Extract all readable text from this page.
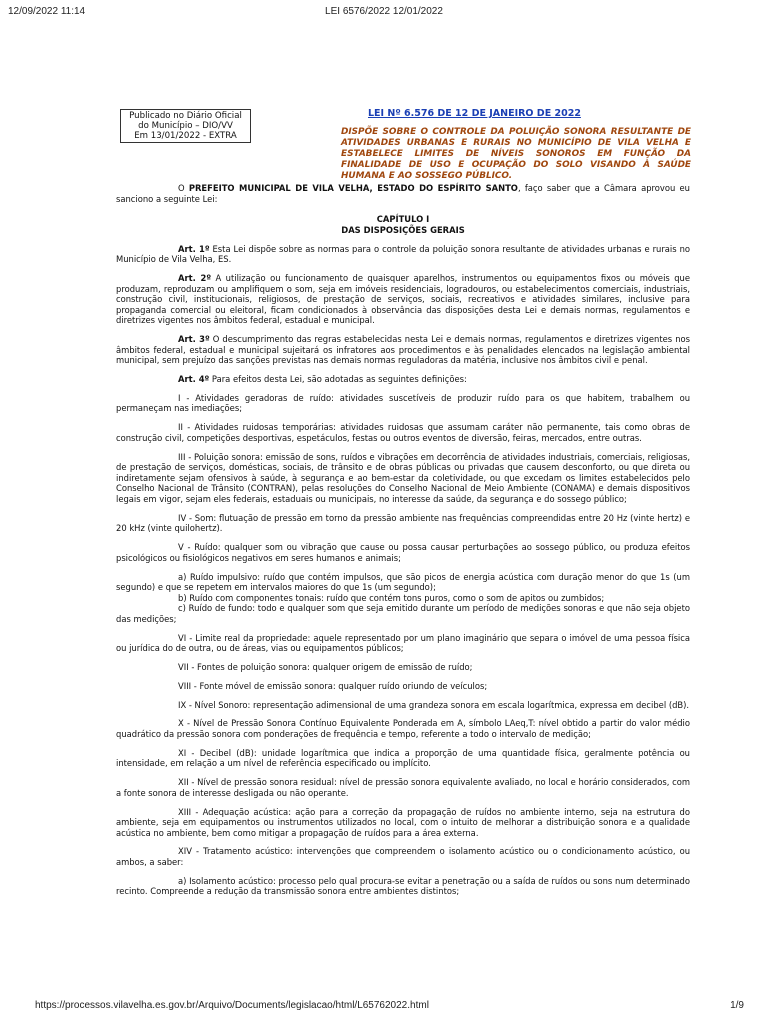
12/09/2022 11:14	LEI 6576/2022 12/01/2022
Publicado no Diário Oficial
do Município – DIO/VV
Em 13/01/2022 - EXTRA
LEI Nº 6.576 DE 12 DE JANEIRO DE 2022
DISPÕE SOBRE O CONTROLE DA POLUIÇÃO SONORA RESULTANTE DE ATIVIDADES URBANAS E RURAIS NO MUNICÍPIO DE VILA VELHA E ESTABELECE LIMITES DE NÍVEIS SONOROS EM FUNÇÃO DA FINALIDADE DE USO E OCUPAÇÃO DO SOLO VISANDO À SAÚDE HUMANA E AO SOSSEGO PÚBLICO.

O PREFEITO MUNICIPAL DE VILA VELHA, ESTADO DO ESPÍRITO SANTO, faço saber que a Câmara aprovou eu sanciono a seguinte Lei:

CAPÍTULO I

DAS DISPOSIÇÕES GERAIS

Art. 1º Esta Lei dispõe sobre as normas para o controle da poluição sonora resultante de atividades urbanas e rurais no Município de Vila Velha, ES.

Art. 2º A utilização ou funcionamento de quaisquer aparelhos, instrumentos ou equipamentos fixos ou móveis que produzam, reproduzam ou amplifiquem o som, seja em imóveis residenciais, logradouros, ou estabelecimentos comerciais, industriais, construção civil, institucionais, religiosos, de prestação de serviços, sociais, recreativos e atividades similares, inclusive para propaganda comercial ou eleitoral, ficam condicionados à observância das disposições desta Lei e demais normas, regulamentos e diretrizes vigentes nos âmbitos federal, estadual e municipal.

Art. 3º O descumprimento das regras estabelecidas nesta Lei e demais normas, regulamentos e diretrizes vigentes nos âmbitos federal, estadual e municipal sujeitará os infratores aos procedimentos e às penalidades elencados na legislação ambiental municipal, sem prejuízo das sanções previstas nas demais normas reguladoras da matéria, inclusive nos âmbitos civil e penal.

Art. 4º Para efeitos desta Lei, são adotadas as seguintes definições:

I - Atividades geradoras de ruído: atividades suscetíveis de produzir ruído para os que habitem, trabalhem ou permaneçam nas imediações;

II - Atividades ruidosas temporárias: atividades ruidosas que assumam caráter não permanente, tais como obras de construção civil, competições desportivas, espetáculos, festas ou outros eventos de diversão, feiras, mercados, entre outras.

III - Poluição sonora: emissão de sons, ruídos e vibrações em decorrência de atividades industriais, comerciais, religiosas, de prestação de serviços, domésticas, sociais, de trânsito e de obras públicas ou privadas que causem desconforto, ou que direta ou indiretamente sejam ofensivos à saúde, à segurança e ao bem-estar da coletividade, ou que excedam os limites estabelecidos pelo Conselho Nacional de Trânsito (CONTRAN), pelas resoluções do Conselho Nacional de Meio Ambiente (CONAMA) e demais dispositivos legais em vigor, sejam eles federais, estaduais ou municipais, no interesse da saúde, da segurança e do sossego público;

IV - Som: flutuação de pressão em torno da pressão ambiente nas frequências compreendidas entre 20 Hz (vinte hertz) e 20 kHz (vinte quilohertz).

V - Ruído: qualquer som ou vibração que cause ou possa causar perturbações ao sossego público, ou produza efeitos psicológicos ou fisiológicos negativos em seres humanos e animais;

a) Ruído impulsivo: ruído que contém impulsos, que são picos de energia acústica com duração menor do que 1s (um segundo) e que se repetem em intervalos maiores do que 1s (um segundo);

b) Ruído com componentes tonais: ruído que contém tons puros, como o som de apitos ou zumbidos;

c) Ruído de fundo: todo e qualquer som que seja emitido durante um período de medições sonoras e que não seja objeto das medições;

VI - Limite real da propriedade: aquele representado por um plano imaginário que separa o imóvel de uma pessoa física ou jurídica do de outra, ou de áreas, vias ou equipamentos públicos;

VII - Fontes de poluição sonora: qualquer origem de emissão de ruído;

VIII - Fonte móvel de emissão sonora: qualquer ruído oriundo de veículos;

IX - Nível Sonoro: representação adimensional de uma grandeza sonora em escala logarítmica, expressa em decibel (dB).

X - Nível de Pressão Sonora Contínuo Equivalente Ponderada em A, símbolo LAeq,T: nível obtido a partir do valor médio quadrático da pressão sonora com ponderações de frequência e tempo, referente a todo o intervalo de medição;

XI - Decibel (dB): unidade logarítmica que indica a proporção de uma quantidade física, geralmente potência ou intensidade, em relação a um nível de referência especificado ou implícito.

XII - Nível de pressão sonora residual: nível de pressão sonora equivalente avaliado, no local e horário considerados, com a fonte sonora de interesse desligada ou não operante.

XIII - Adequação acústica: ação para a correção da propagação de ruídos no ambiente interno, seja na estrutura do ambiente, seja em equipamentos ou instrumentos utilizados no local, com o intuito de melhorar a distribuição sonora e a qualidade acústica no ambiente, bem como mitigar a propagação de ruídos para a área externa.

XIV - Tratamento acústico: intervenções que compreendem o isolamento acústico ou o condicionamento acústico, ou ambos, a saber:

a) Isolamento acústico: processo pelo qual procura-se evitar a penetração ou a saída de ruídos ou sons num determinado recinto. Compreende a redução da transmissão sonora entre ambientes distintos;

https://processos.vilavelha.es.gov.br/Arquivo/Documents/legislacao/html/L65762022.html	1/9
